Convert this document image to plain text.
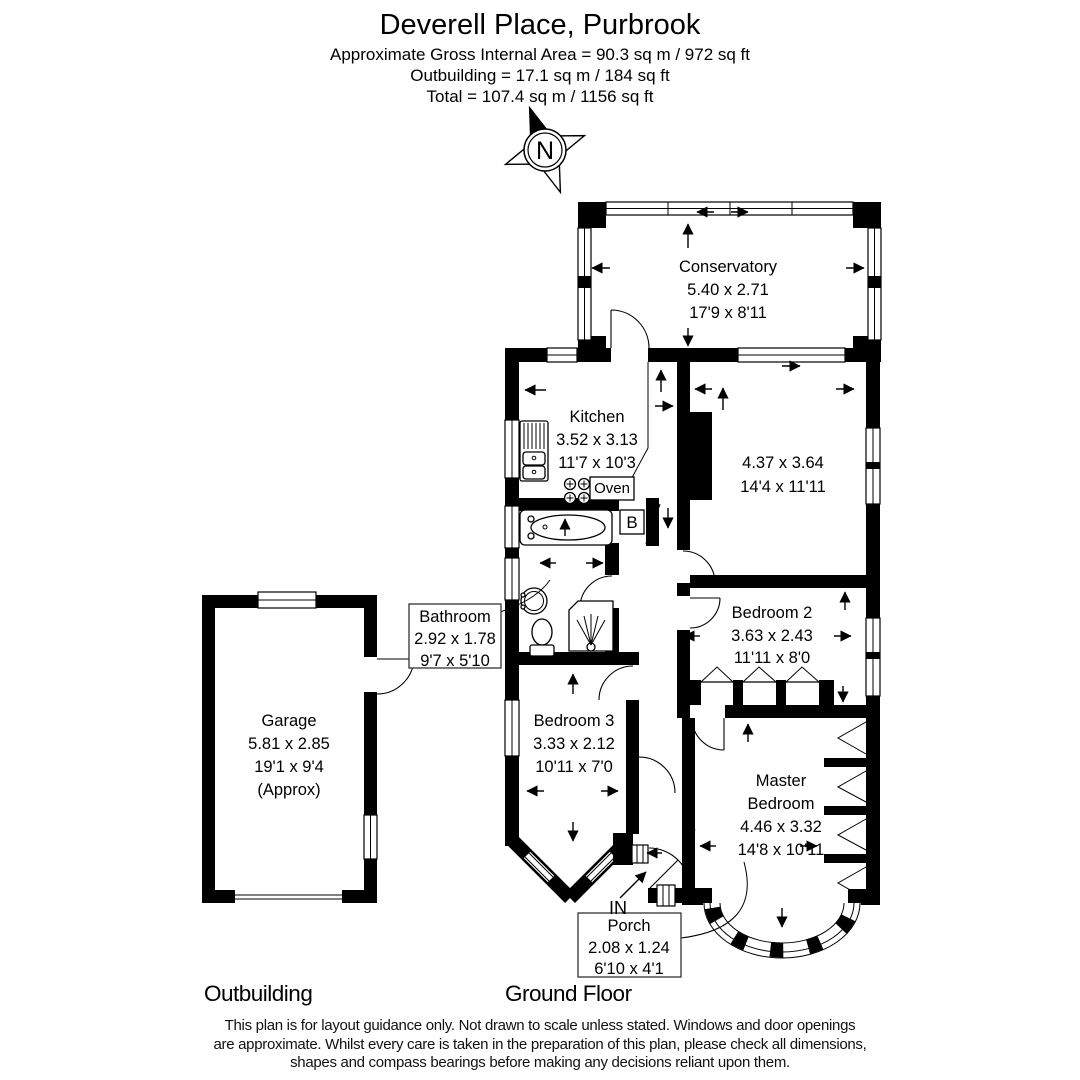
Deverell Place, Purbrook
Approximate Gross Internal Area = 90.3 sq m / 972 sq ft
Outbuilding = 17.1 sq m / 184 sq ft
Total = 107.4 sq m / 1156 sq ft
N
Oven
B
Conservatory
5.40 x 2.71
17'9 x 8'11
Kitchen
3.52 x 3.13
11'7 x 10'3	4.37 x 3.64
14'4 x 11'11
Bedroom 2
3.63 x 2.43
11'11 x 8'0
Bedroom 3
3.33 x 2.12
10'11 x 7'0
Master
Bedroom
4.46 x 3.32
14'8 x 10'11
Garage
5.81 x 2.85
19'1 x 9'4
(Approx)
Bathroom
2.92 x 1.78
9'7 x 5'10
Porch
2.08 x 1.24
6'10 x 4'1
IN
Outbuilding	Ground Floor
This plan is for layout guidance only. Not drawn to scale unless stated. Windows and door openings
are approximate. Whilst every care is taken in the preparation of this plan, please check all dimensions,
shapes and compass bearings before making any decisions reliant upon them.
